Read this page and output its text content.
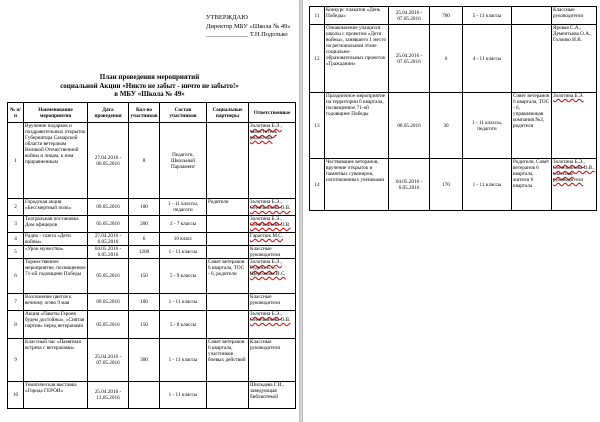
УТВЕРЖДАЮ
Директор МБУ «Школа № 49»
_____________ Т.Н.Подолько
План проведения мероприятий
социальной Акции «Никто не забыт - ничто не забыто!»
в МБУ «Школа № 49»
№ п/п	Наименование мероприятия	Дата проведения	Кол-во участников	Состав участников	Социальные партнеры	Ответственные
1	Вручение подарков и поздравительных открыток Губернатора Самарской области ветеранам Великой Отечественной войны и лицам, к ним приравненным	27.04.2016 - 06.05.2016	8	Педагоги, Школьный Парламент		Золотина Б.Э., заместитель директора
2	Городская акция «Бессмертный полк»	09.05.2016	100	1 - 11 классы, педагоги	Родители	Золотина Б.Э., Сеничкинова О.В.
3	Театральная постановка Дом офицеров	05.05.2016	200	3 - 7 классы		Золотина Б.Э., Сеничкинова О.В.
4	Радио - газета «Дети войны»	27.04.2016 - 6.05.2016	6	10 класс		Гарастюк М.С.
5	«Урок мужества»	04.05.2016 - 6.05.2016	1200	1 - 11 классы		Классные руководители
6	Торжественное мероприятие, посвященное 71-ой годовщине Победы	05.05.2016	150	5 - 9 классы	Совет ветеранов 6 квартала, ТОС - 6, родители	Золотина Б.Э., Рудина Е.С., Щербакова И.С.
7	Возложение цветов к вечному огню 9 мая	09.05.2016	100	1 - 11 классы		Классные руководители
8	Акция «Пакеты Героев будем достойны», «Снятая партия» перед ветеранами	05.05.2016	150	5 - 8 классы		Золотина Б.Э., Сеничкинова О.В.
9	Классный час «Памятная встреча с ветеранами»	25.04.2016 - 07.05.2016	300	1 - 11 классы	Совет ветеранов 6 квартала, участников боевых действий	Классные руководители
10	Тематическая выставка «Города ГЕРОИ»	25.04.2016 - 13.05.2016		1 - 11 классы		Шильдева Г.И., заведующая библиотекой
11	Конкурс плакатов «День Победы»	25.04.2016 - 07.05.2016	700	5 - 11 классы		Классные руководители
12	Ознакомление учащихся школы с проектом «Дети войны», занявшего 1 место на региональном этапе социально-образовательных проектов «Гражданин»	25.04.2016 - 07.05.2016	6	4 - 11 классы		Яровая С.А., Дементьева О.А., Голоико И.В.
13	Праздничное мероприятие на территории 6 квартала, посвященное 71-ой годовщине Победы	08.05.2016	30	1 - 11 классы, педагоги	Совет ветеранов 6 квартала, ТОС - 6, управляющая компания №2, родители	Золотина Б.Э.
14	Чествование ветеранов, вручение открыток и памятных сувениров, изготовленных учениками	04.05.2016 - 6.05.2016	170	1 - 11 классы	Родители, Совет ветеранов 6 квартала, жители 6 квартала	Золотина Б.Э., Сеничкинова О.В., классные руководители
